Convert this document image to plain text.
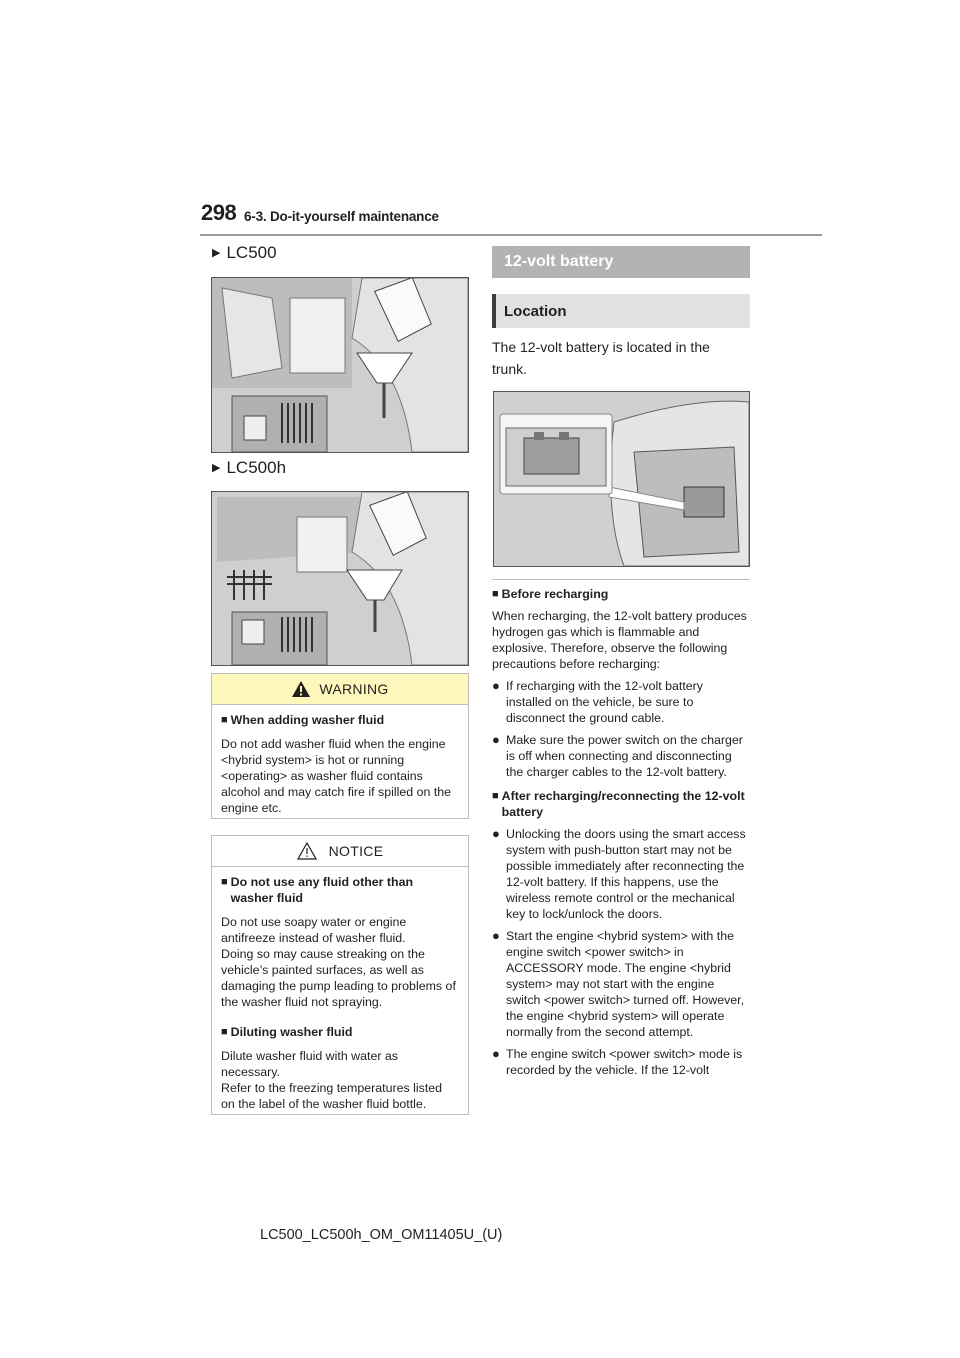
298 6-3. Do-it-yourself maintenance
▶ LC500
▶ LC500h
WARNING
■ When adding washer fluid
Do not add washer fluid when the engine <hybrid system> is hot or running <operating> as washer fluid contains alcohol and may catch fire if spilled on the engine etc.
NOTICE
■ Do not use any fluid other than washer fluid
Do not use soapy water or engine antifreeze instead of washer fluid.
Doing so may cause streaking on the vehicle’s painted surfaces, as well as damaging the pump leading to problems of the washer fluid not spraying.
■ Diluting washer fluid
Dilute washer fluid with water as necessary.
Refer to the freezing temperatures listed on the label of the washer fluid bottle.
12-volt battery
Location
The 12-volt battery is located in the
trunk.
■ Before recharging
When recharging, the 12-volt battery produces hydrogen gas which is flammable and explosive. Therefore, observe the following precautions before recharging:
● If recharging with the 12-volt battery installed on the vehicle, be sure to disconnect the ground cable.
● Make sure the power switch on the charger is off when connecting and disconnecting the charger cables to the 12-volt battery.
■ After recharging/reconnecting the 12-volt battery
● Unlocking the doors using the smart access system with push-button start may not be possible immediately after reconnecting the 12-volt battery. If this happens, use the wireless remote control or the mechanical key to lock/unlock the doors.
● Start the engine <hybrid system> with the engine switch <power switch> in ACCESSORY mode. The engine <hybrid system> may not start with the engine switch <power switch> turned off. However, the engine <hybrid system> will operate normally from the second attempt.
● The engine switch <power switch> mode is recorded by the vehicle. If the 12-volt
LC500_LC500h_OM_OM11405U_(U)
